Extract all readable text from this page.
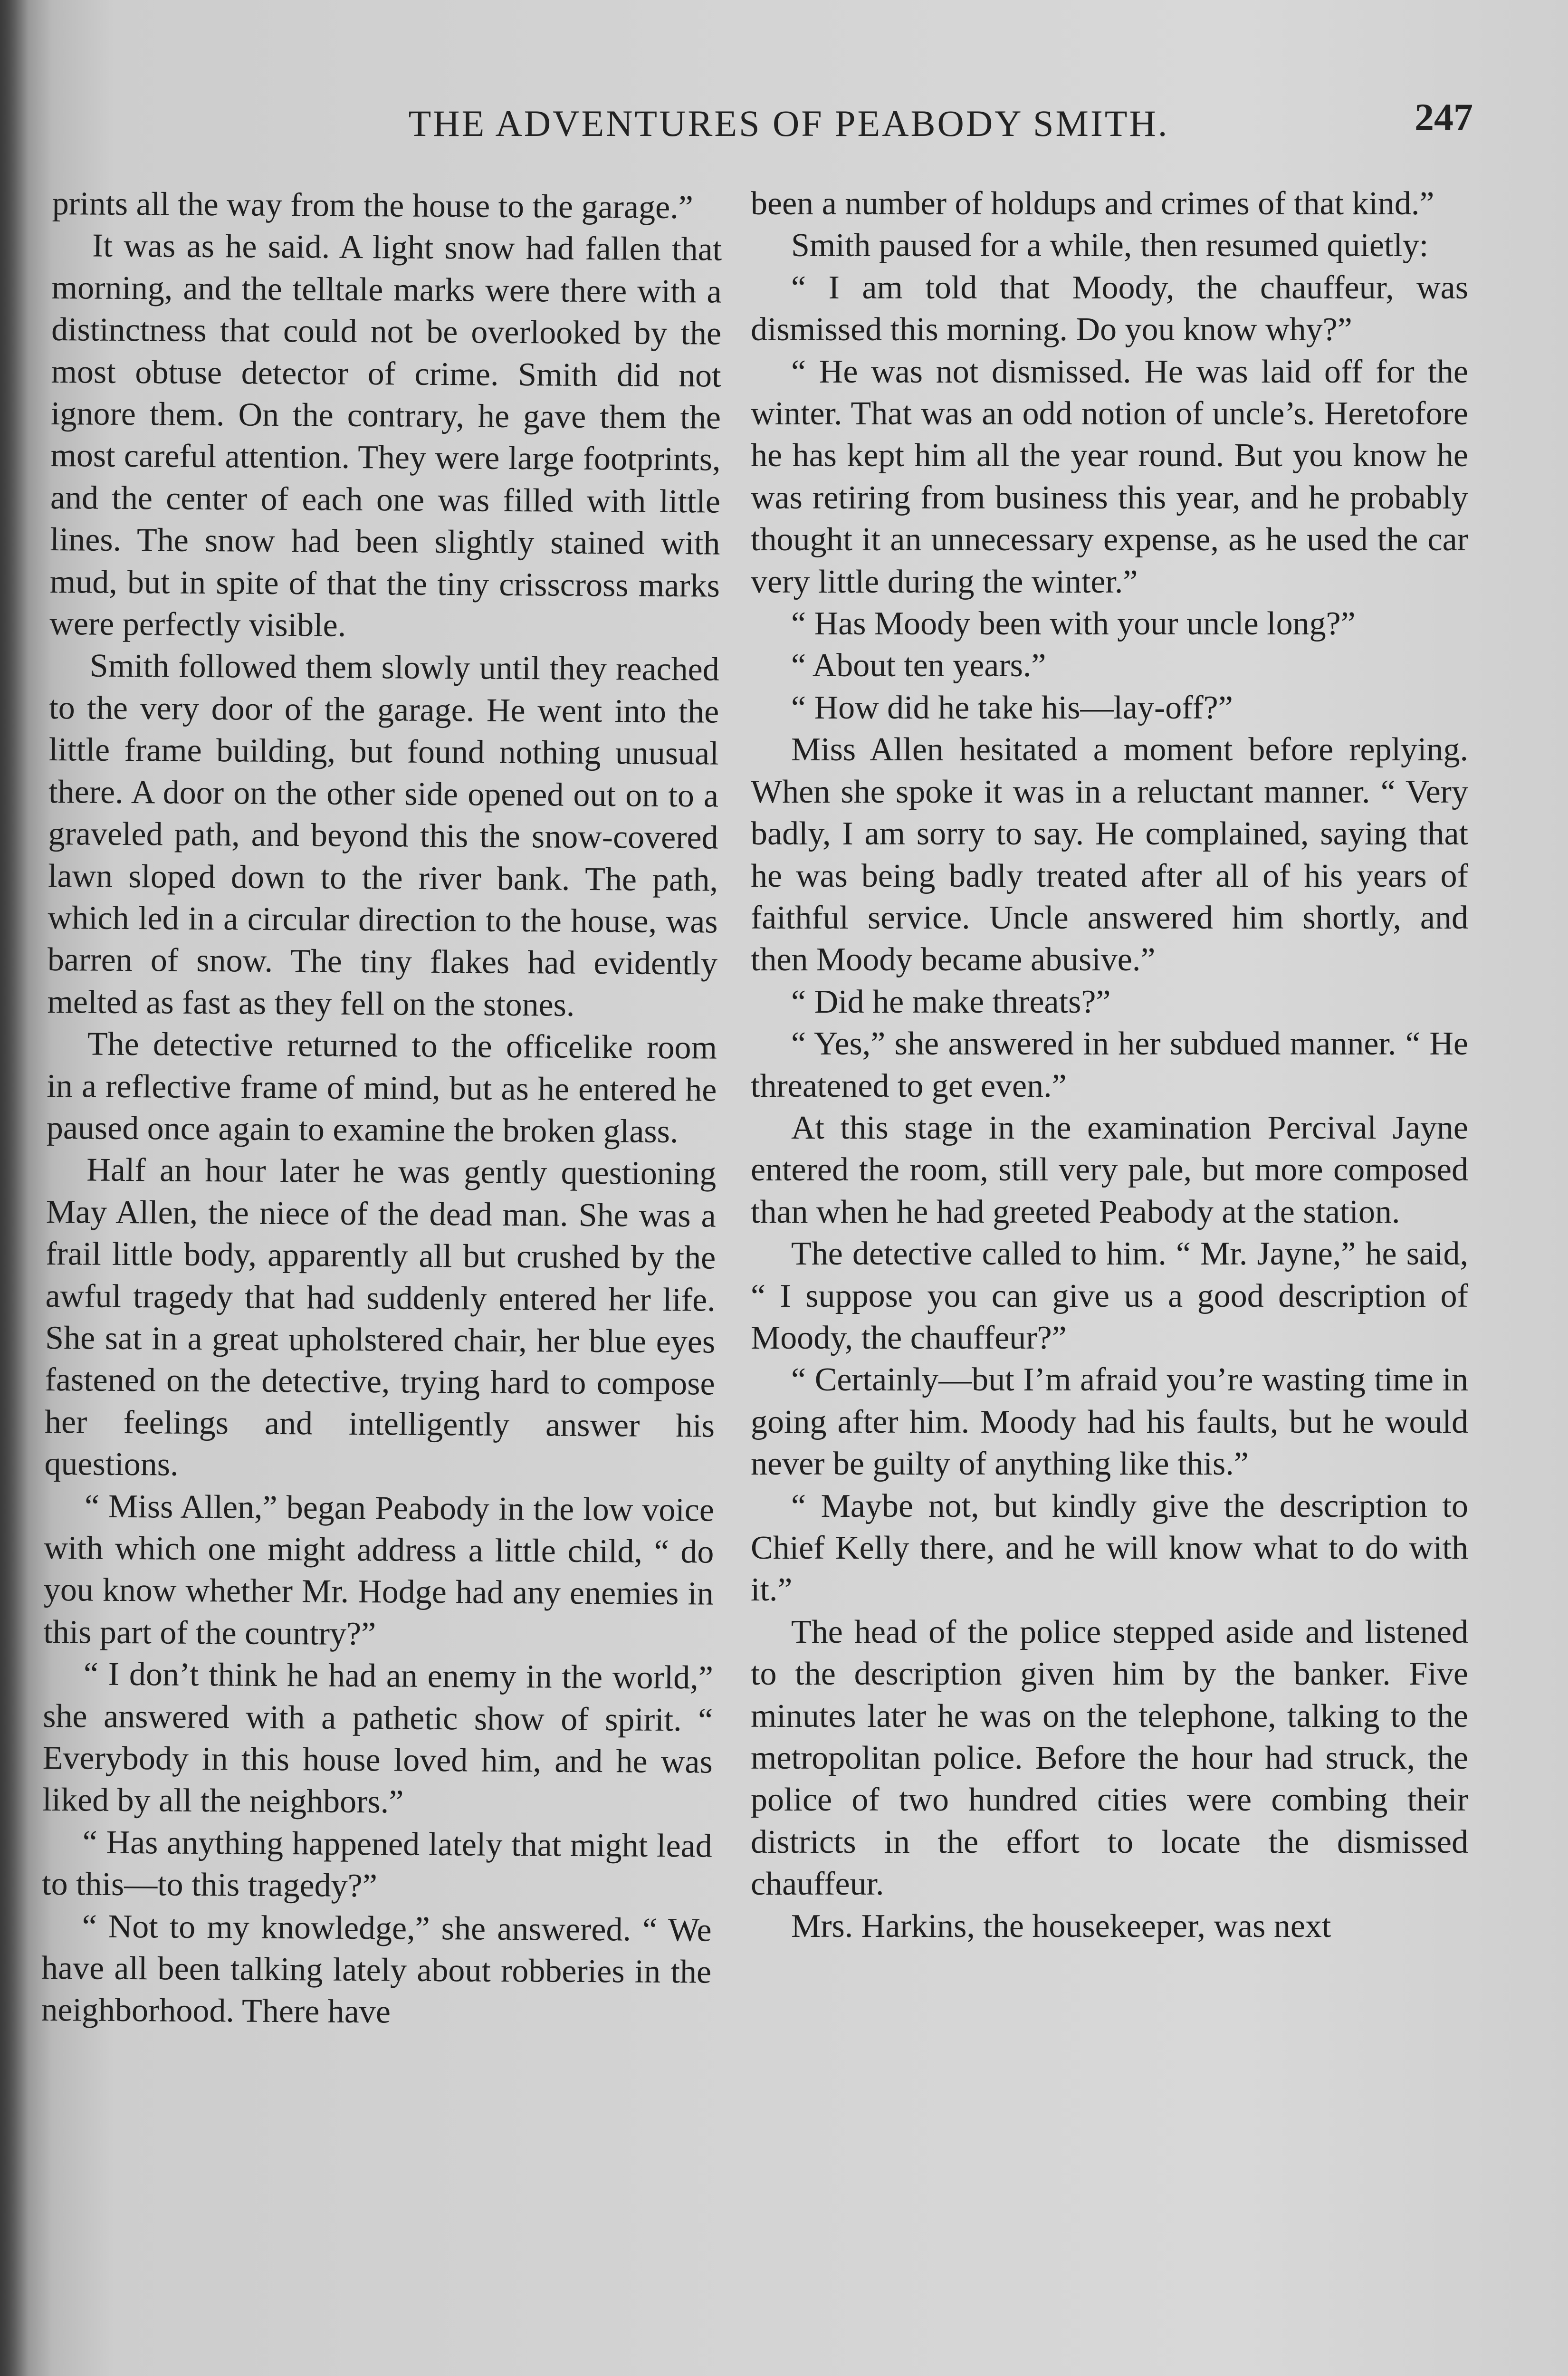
THE ADVENTURES OF PEABODY SMITH.	247

prints all the way from the house to the garage.”

It was as he said. A light snow had fallen that morning, and the telltale marks were there with a distinctness that could not be overlooked by the most obtuse detector of crime. Smith did not ignore them. On the contrary, he gave them the most careful attention. They were large footprints, and the center of each one was filled with little lines. The snow had been slightly stained with mud, but in spite of that the tiny crisscross marks were perfectly visible.

Smith followed them slowly until they reached to the very door of the garage. He went into the little frame building, but found nothing unusual there. A door on the other side opened out on to a graveled path, and beyond this the snow-covered lawn sloped down to the river bank. The path, which led in a circular direction to the house, was barren of snow. The tiny flakes had evidently melted as fast as they fell on the stones.

The detective returned to the officelike room in a reflective frame of mind, but as he entered he paused once again to examine the broken glass.

Half an hour later he was gently questioning May Allen, the niece of the dead man. She was a frail little body, apparently all but crushed by the awful tragedy that had suddenly entered her life. She sat in a great upholstered chair, her blue eyes fastened on the detective, trying hard to compose her feelings and intelligently answer his questions.

“ Miss Allen,” began Peabody in the low voice with which one might address a little child, “ do you know whether Mr. Hodge had any enemies in this part of the country?”

“ I don’t think he had an enemy in the world,” she answered with a pathetic show of spirit. “ Everybody in this house loved him, and he was liked by all the neighbors.”

“ Has anything happened lately that might lead to this—to this tragedy?”

“ Not to my knowledge,” she answered. “ We have all been talking lately about robberies in the neighborhood. There have

been a number of holdups and crimes of that kind.”

Smith paused for a while, then resumed quietly:

“ I am told that Moody, the chauffeur, was dismissed this morning. Do you know why?”

“ He was not dismissed. He was laid off for the winter. That was an odd notion of uncle’s. Heretofore he has kept him all the year round. But you know he was retiring from business this year, and he probably thought it an unnecessary expense, as he used the car very little during the winter.”

“ Has Moody been with your uncle long?”

“ About ten years.”

“ How did he take his—lay-off?”

Miss Allen hesitated a moment before replying. When she spoke it was in a reluctant manner. “ Very badly, I am sorry to say. He complained, saying that he was being badly treated after all of his years of faithful service. Uncle answered him shortly, and then Moody became abusive.”

“ Did he make threats?”

“ Yes,” she answered in her subdued manner. “ He threatened to get even.”

At this stage in the examination Percival Jayne entered the room, still very pale, but more composed than when he had greeted Peabody at the station.

The detective called to him. “ Mr. Jayne,” he said, “ I suppose you can give us a good description of Moody, the chauffeur?”

“ Certainly—but I’m afraid you’re wasting time in going after him. Moody had his faults, but he would never be guilty of anything like this.”

“ Maybe not, but kindly give the description to Chief Kelly there, and he will know what to do with it.”

The head of the police stepped aside and listened to the description given him by the banker. Five minutes later he was on the telephone, talking to the metropolitan police. Before the hour had struck, the police of two hundred cities were combing their districts in the effort to locate the dismissed chauffeur.

Mrs. Harkins, the housekeeper, was next
